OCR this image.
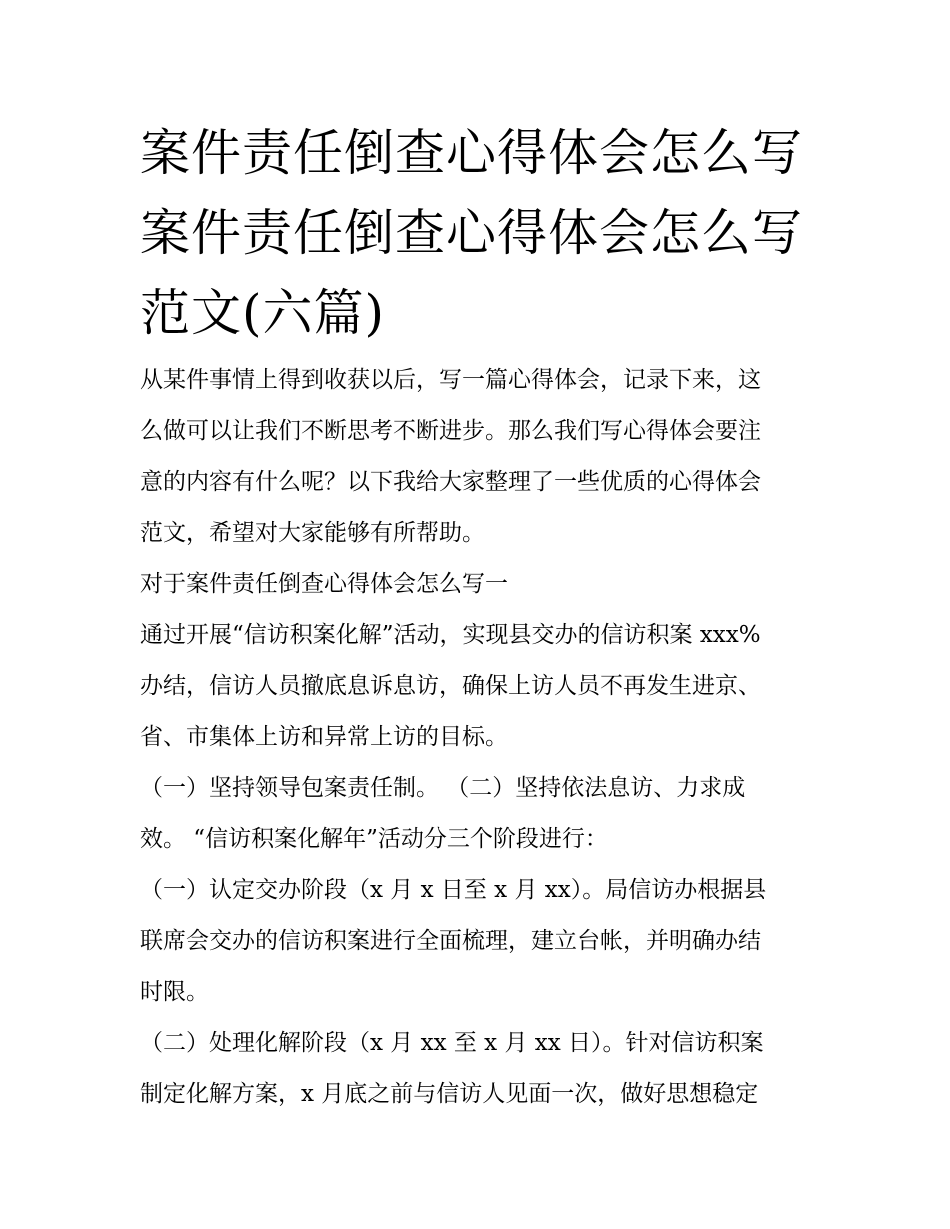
案件责任倒查心得体会怎么写
案件责任倒查心得体会怎么写
范文(六篇)
从某件事情上得到收获以后，写一篇心得体会，记录下来，这
么做可以让我们不断思考不断进步。那么我们写心得体会要注
意的内容有什么呢？以下我给大家整理了一些优质的心得体会
范文，希望对大家能够有所帮助。
对于案件责任倒查心得体会怎么写一
通过开展“信访积案化解”活动，实现县交办的信访积案 xxx%
办结，信访人员撤底息诉息访，确保上访人员不再发生进京、
省、市集体上访和异常上访的目标。
（一）坚持领导包案责任制。 （二）坚持依法息访、力求成
效。 “信访积案化解年”活动分三个阶段进行：
（一）认定交办阶段（x 月 x 日至 x 月 xx）。局信访办根据县
联席会交办的信访积案进行全面梳理，建立台帐，并明确办结
时限。
（二）处理化解阶段（x 月 xx 至 x 月 xx 日）。针对信访积案
制定化解方案，x 月底之前与信访人见面一次，做好思想稳定
